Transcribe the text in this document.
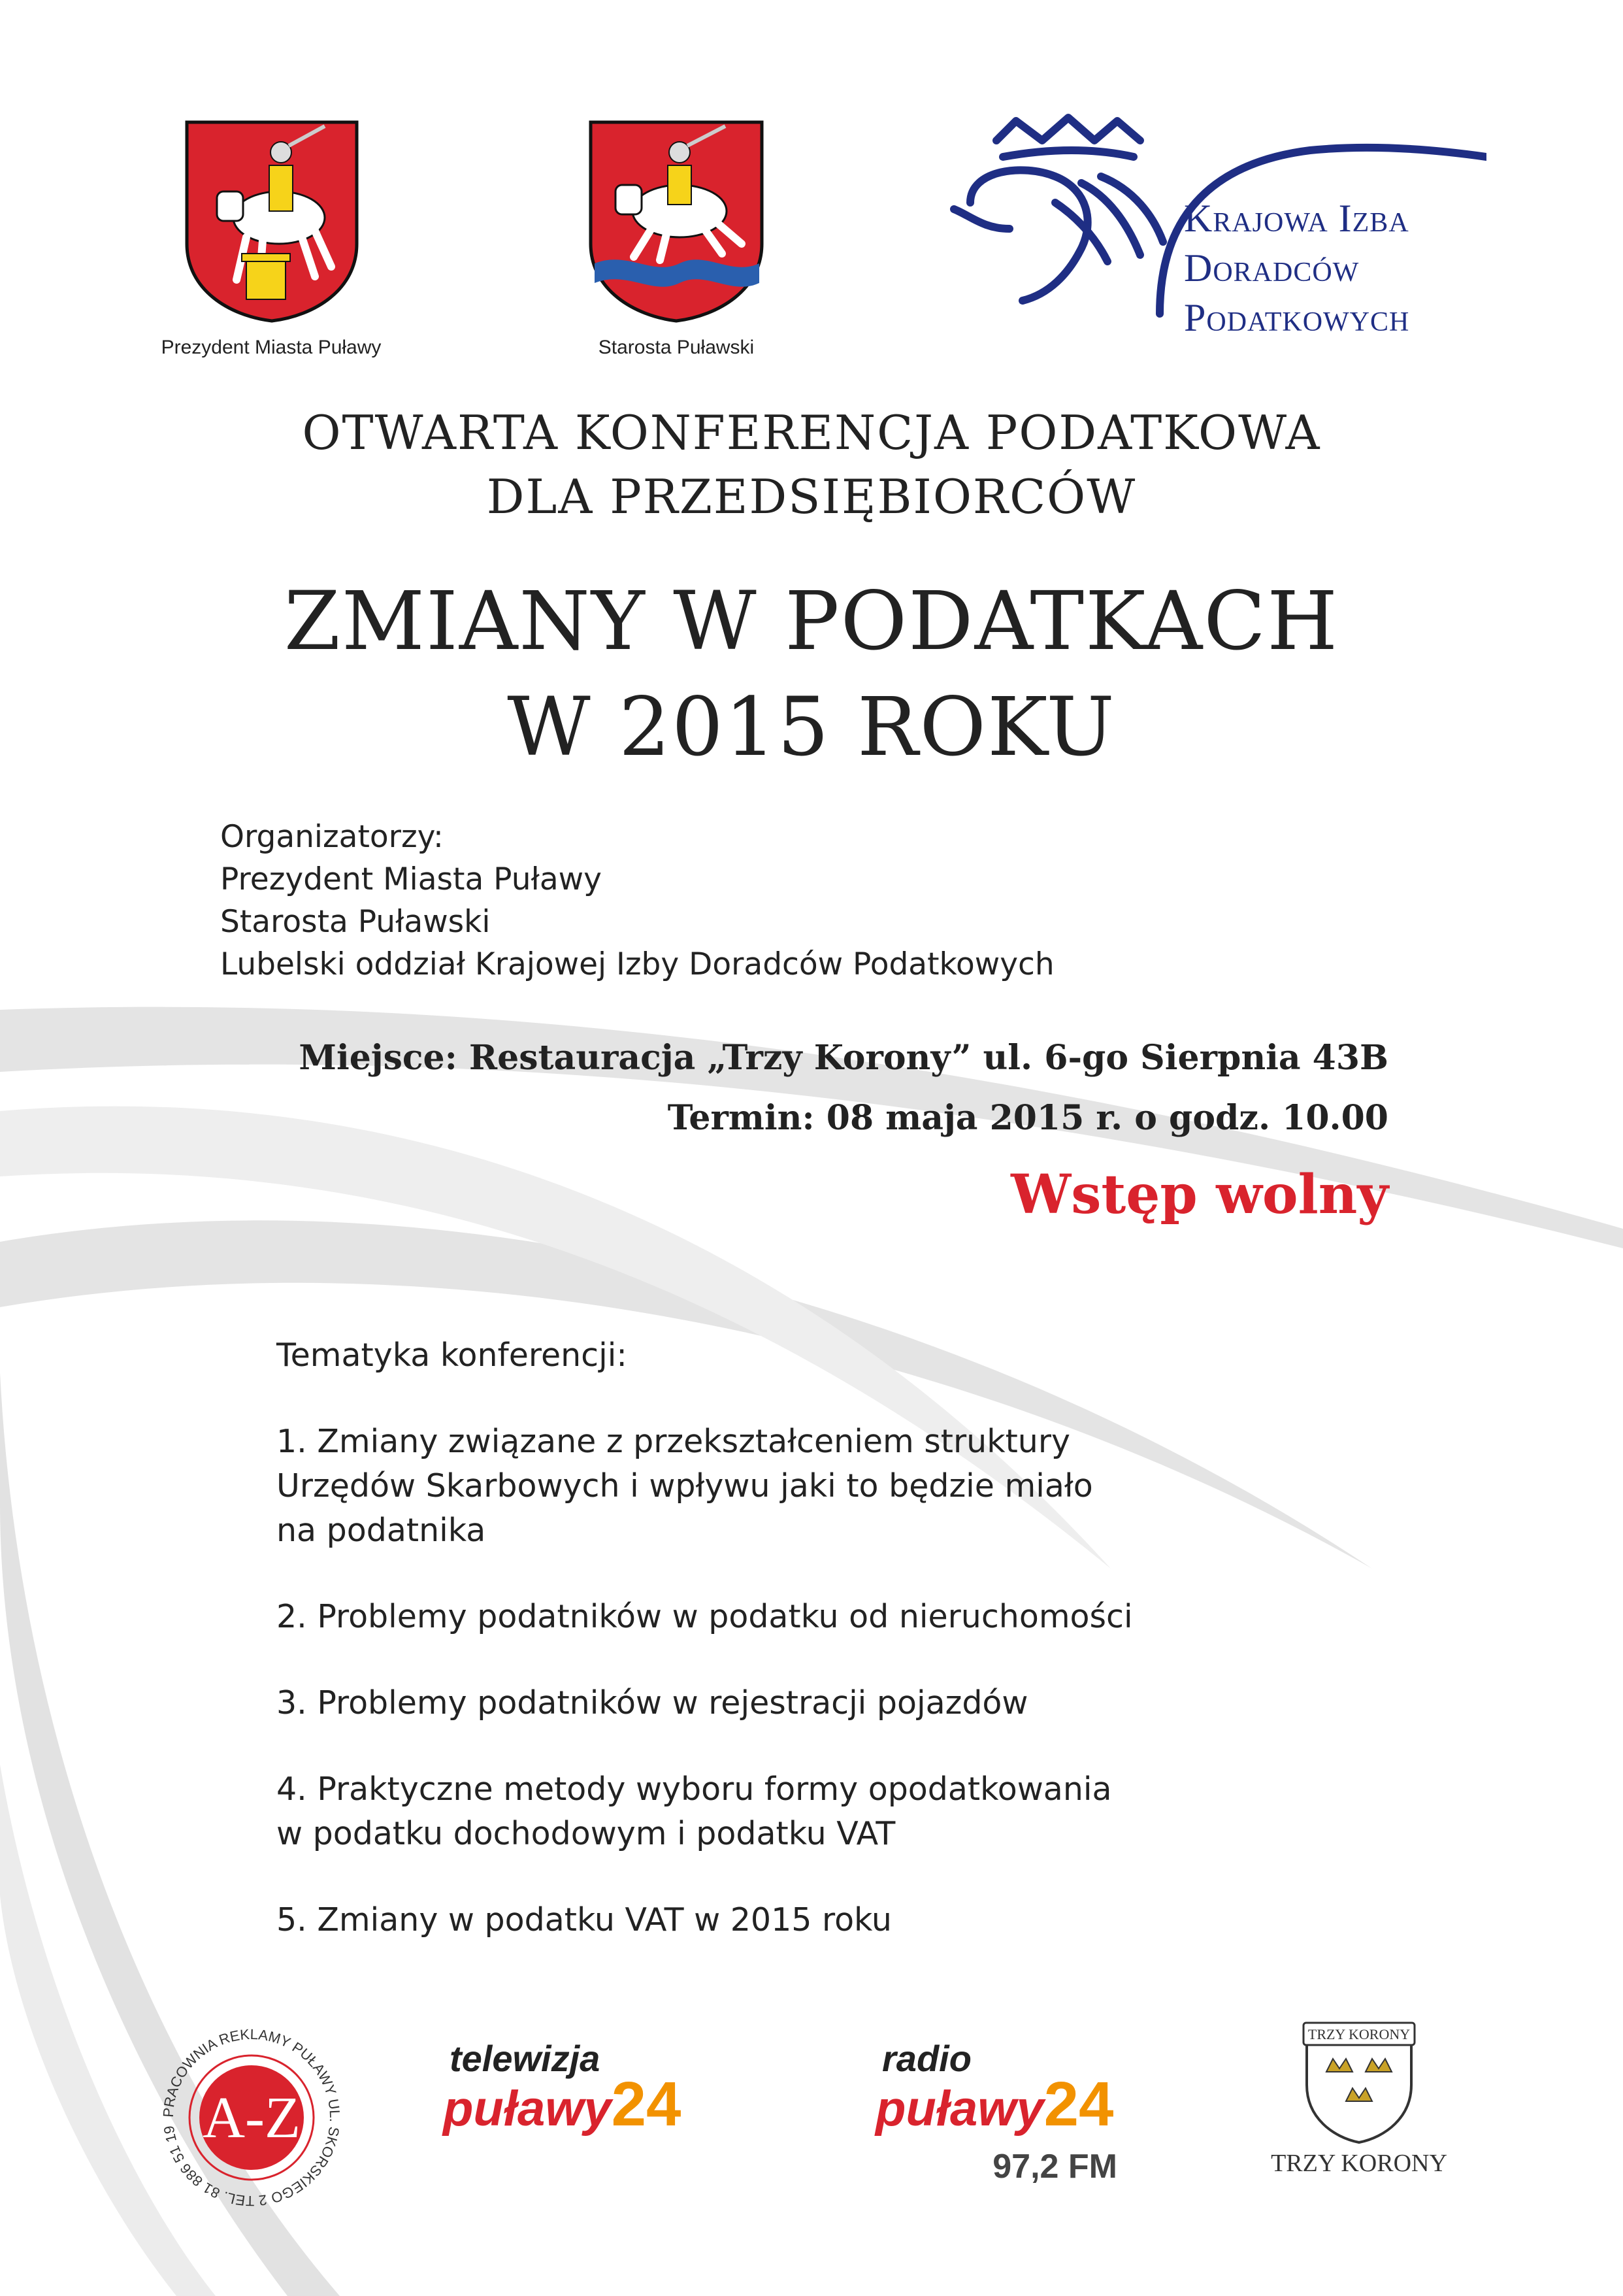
Prezydent Miasta Puławy	Starosta Puławski
Krajowa Izba
Doradców
Podatkowych
OTWARTA KONFERENCJA PODATKOWA
DLA PRZEDSIĘBIORCÓW
ZMIANY W PODATKACH
W 2015 ROKU
Organizatorzy:
Prezydent Miasta Puławy
Starosta Puławski
Lubelski oddział Krajowej Izby Doradców Podatkowych
Miejsce: Restauracja „Trzy Korony” ul. 6-go Sierpnia 43B
Termin: 08 maja 2015 r. o godz. 10.00
Wstęp wolny
Tematyka konferencji:
1. Zmiany związane z przekształceniem struktury
Urzędów Skarbowych i wpływu jaki to będzie miało
na podatnika
2. Problemy podatników w podatku od nieruchomości
3. Problemy podatników w rejestracji pojazdów
4. Praktyczne metody wyboru formy opodatkowania
w podatku dochodowym i podatku VAT
5. Zmiany w podatku VAT w 2015 roku
PRACOWNIA REKLAMY PUŁAWY UL. SKORSKIEGO 2 TEL. 81 886 51 19 A-Z
telewizja
puławy24
radio
puławy24
97,2 FM
TRZY KORONY
TRZY KORONY
